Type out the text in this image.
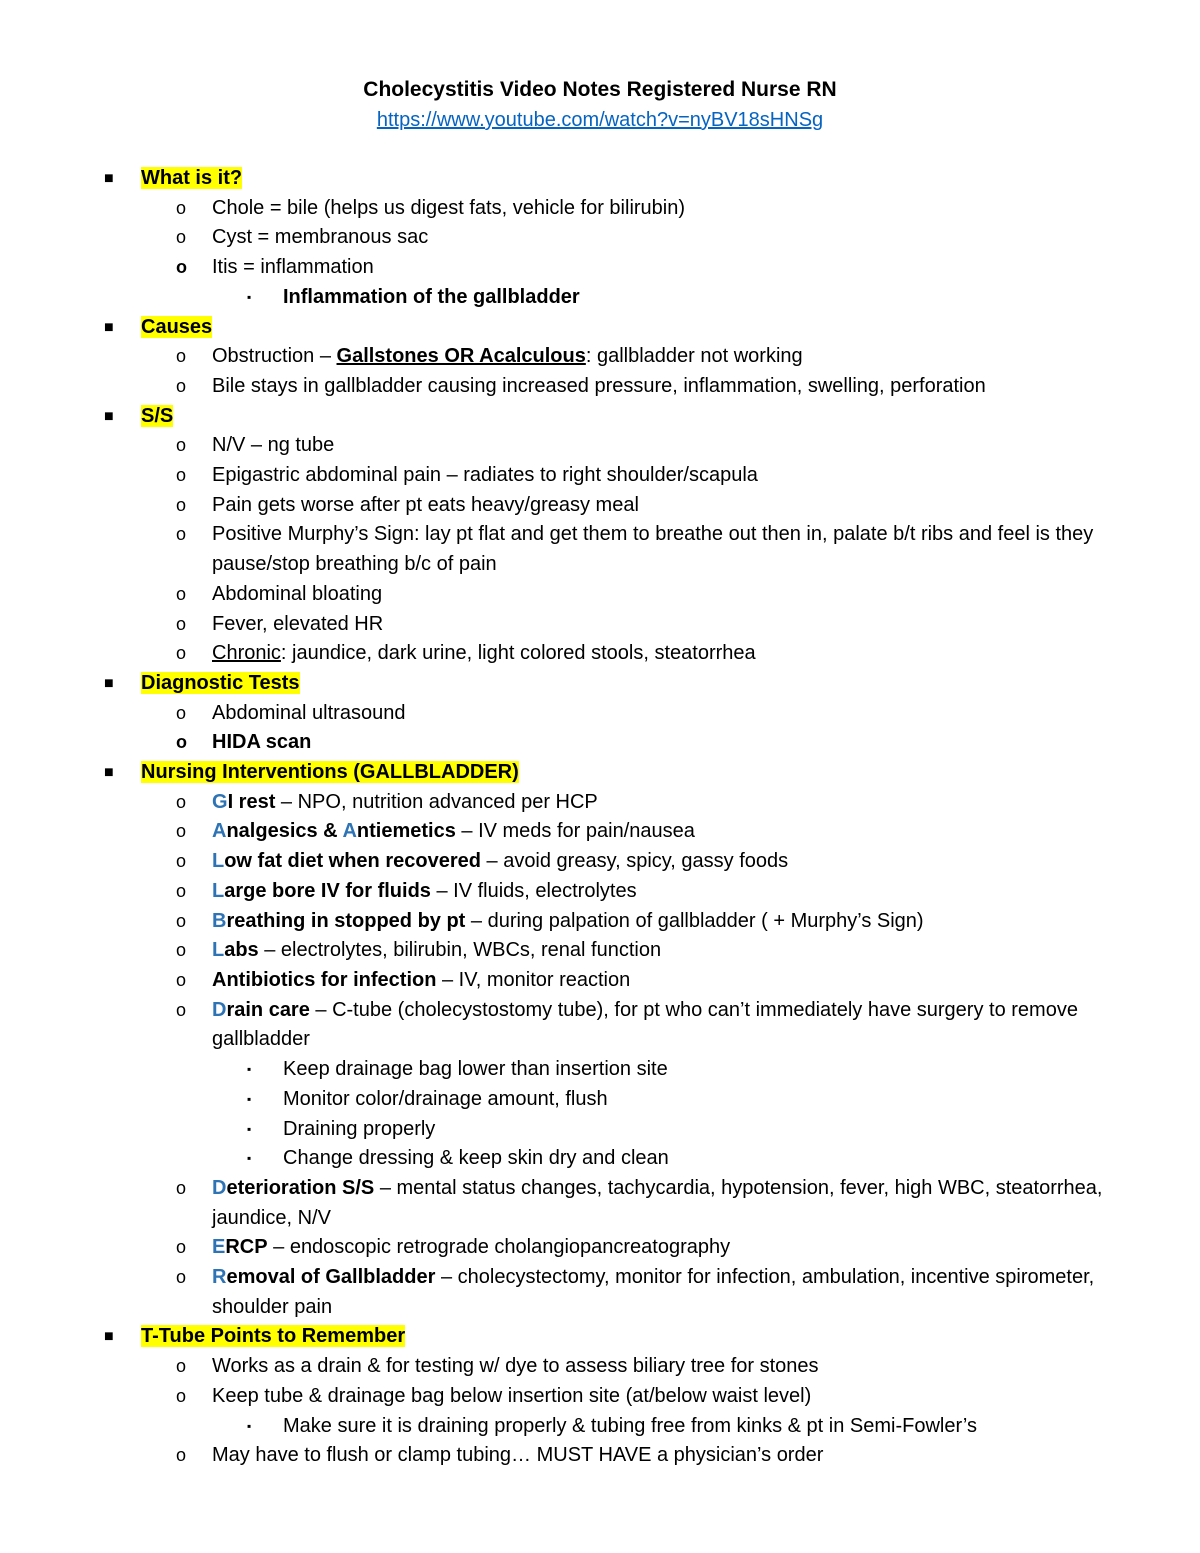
Cholecystitis Video Notes Registered Nurse RN
https://www.youtube.com/watch?v=nyBV18sHNSg
■ What is it?
o Chole = bile (helps us digest fats, vehicle for bilirubin)
o Cyst = membranous sac
o Itis = inflammation
▪ Inflammation of the gallbladder
■ Causes
o Obstruction – Gallstones OR Acalculous: gallbladder not working
o Bile stays in gallbladder causing increased pressure, inflammation, swelling, perforation
■ S/S
o N/V – ng tube
o Epigastric abdominal pain – radiates to right shoulder/scapula
o Pain gets worse after pt eats heavy/greasy meal
o Positive Murphy’s Sign: lay pt flat and get them to breathe out then in, palate b/t ribs and feel is they pause/stop breathing b/c of pain
o Abdominal bloating
o Fever, elevated HR
o Chronic: jaundice, dark urine, light colored stools, steatorrhea
■ Diagnostic Tests
o Abdominal ultrasound
o HIDA scan
■ Nursing Interventions (GALLBLADDER)
o GI rest – NPO, nutrition advanced per HCP
o Analgesics & Antiemetics – IV meds for pain/nausea
o Low fat diet when recovered – avoid greasy, spicy, gassy foods
o Large bore IV for fluids – IV fluids, electrolytes
o Breathing in stopped by pt – during palpation of gallbladder ( + Murphy’s Sign)
o Labs – electrolytes, bilirubin, WBCs, renal function
o Antibiotics for infection – IV, monitor reaction
o Drain care – C-tube (cholecystostomy tube), for pt who can’t immediately have surgery to remove gallbladder
▪ Keep drainage bag lower than insertion site
▪ Monitor color/drainage amount, flush
▪ Draining properly
▪ Change dressing & keep skin dry and clean
o Deterioration S/S – mental status changes, tachycardia, hypotension, fever, high WBC, steatorrhea, jaundice, N/V
o ERCP – endoscopic retrograde cholangiopancreatography
o Removal of Gallbladder – cholecystectomy, monitor for infection, ambulation, incentive spirometer, shoulder pain
■ T-Tube Points to Remember
o Works as a drain & for testing w/ dye to assess biliary tree for stones
o Keep tube & drainage bag below insertion site (at/below waist level)
▪ Make sure it is draining properly & tubing free from kinks & pt in Semi-Fowler’s
o May have to flush or clamp tubing… MUST HAVE a physician’s order
